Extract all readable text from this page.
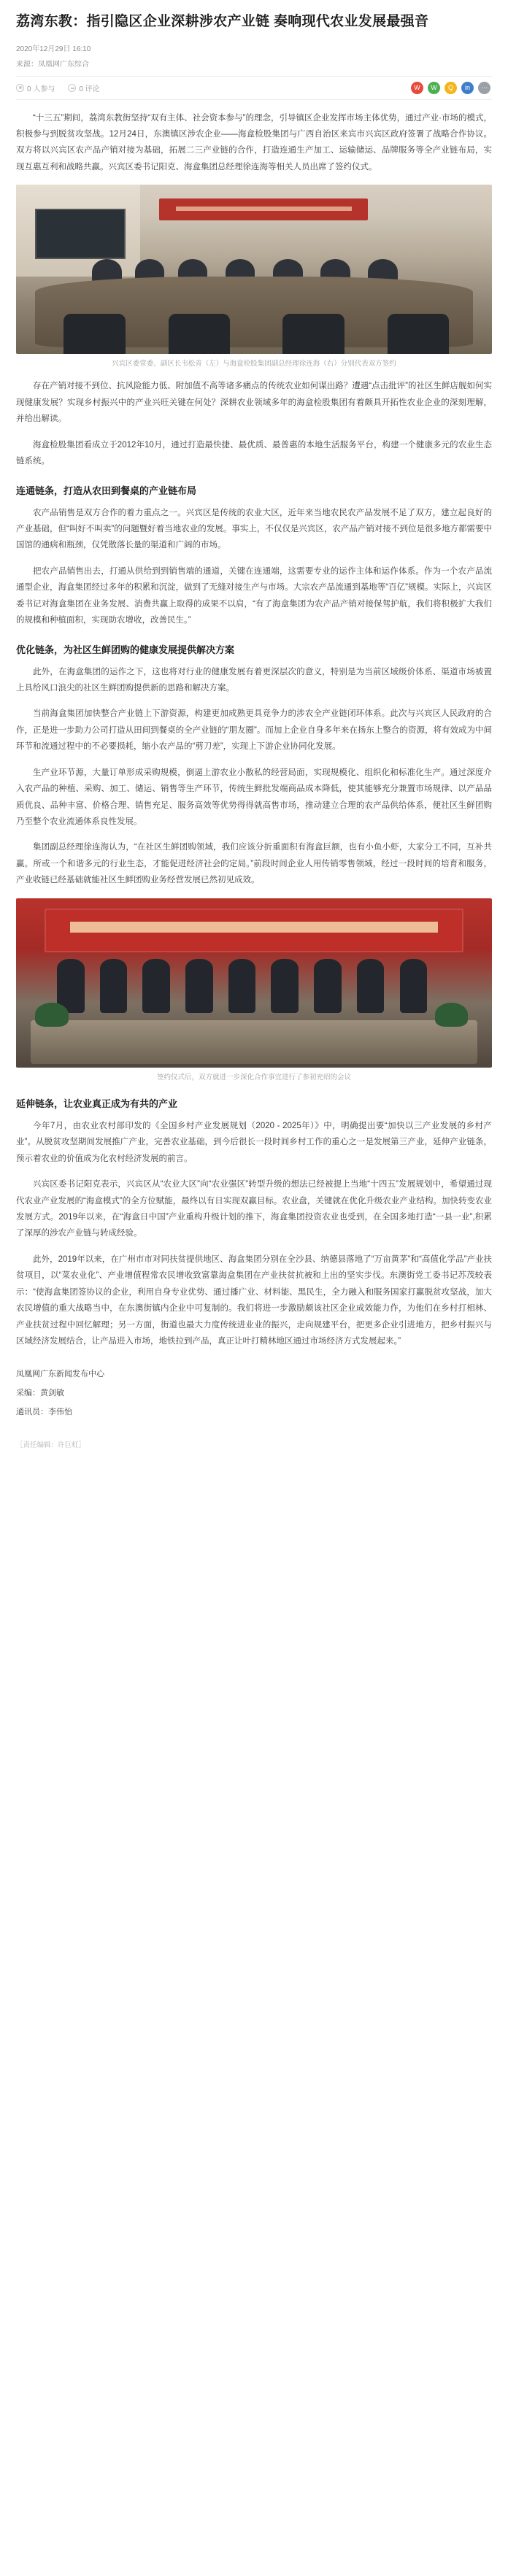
荔湾东教：指引隐区企业深耕涉农产业链 奏响现代农业发展最强音
2020年12月29日 16:10
来源：凤凰网广东综合
0 人参与	0 评论	W	W	Q	in	···

“十三五”期间，荔湾东教街坚持“双有主体、社会资本参与”的理念，引导镇区企业发挥市场主体优势，通过产业·市场的模式，积极参与到脱贫攻坚战。12月24日，东澳镇区涉农企业——海盒检股集团与广西自治区来宾市兴宾区政府签署了战略合作协议。双方将以兴宾区农产品产销对接为基础，拓展二三产业链的合作，打造连通生产加工、运输储运、品牌服务等全产业链布局，实现互惠互利和战略共赢。兴宾区委书记阳克、海盒集团总经理徐连海等相关人员出席了签约仪式。

兴宾区委常委、副区长韦松青（左）与海盒检股集团副总经理徐连海（右）分别代表双方签约

存在产销对接不到位、抗风险能力低、附加值不高等诸多痛点的传统农业如何谋出路？遭遇“点击批评”的社区生鲜店舰如何实现健康发展？实现乡村振兴中的产业兴旺关键在何处？深耕农业领域多年的海盒检股集团有着颇具开拓性农业企业的深刻理解，并给出解读。

海盒检股集团看成立于2012年10月，通过打造最快捷、最优质、最普惠的本地生活服务平台，构建一个健康多元的农业生态链系统。

连通链条，打造从农田到餐桌的产业链布局

农产品销售是双方合作的着力重点之一。兴宾区是传统的农业大区，近年来当地农民农产品发展不足了双方，建立起良好的产业基础，但“叫好不叫卖”的问题暨好着当地农业的发展。事实上，不仅仅是兴宾区，农产品产销对接不到位是很多地方都需要中国馆的通病和瓶颈，仅凭散落长量的渠道和广阔的市场。

把农产品销售出去，打通从供给到到销售端的通道，关键在连通端，这需要专业的运作主体和运作体系。作为一个农产品流通型企业，海盒集团经过多年的积累和沉淀，做到了无缝对接生产与市场。大宗农产品流通到基地等“百亿”规模。实际上，兴宾区委书记对海盒集团在业务发展、消费共赢上取得的成果不以肩，“有了海盒集团为农产品产销对接保驾护航，我们将积极扩大我们的规模和种植面积，实现助农增收，改善民生。”

优化链条，为社区生鲜团购的健康发展提供解决方案

此外，在海盒集团的运作之下，这也将对行业的健康发展有着更深层次的意义，特别是为当前区域级价体系、渠道市场被置上具给风口浪尖的社区生鲜团购提供新的思路和解决方案。

当前海盒集团加快整合产业链上下游资源，构建更加成熟更具竞争力的涉农全产业链闭环体系。此次与兴宾区人民政府的合作，正是进一步助力公司打造从田间到餐桌的全产业链的“朋友圈”。而加上企业自身多年来在扬东上整合的资源，将有效成为中间环节和流通过程中的不必要损耗，缩小农产品的“剪刀差”，实现上下游企业协同化发展。

生产业环节源，大量订单形成采购规模，倒逼上游农业小散私的经营局面，实现规模化、组织化和标准化生产。通过深度介入农产品的种植、采购、加工、储运、销售等生产环节，传统生鲜批发端商品成本降低，使其能够充分兼置市场规律、以产品品质优良、品种丰富、价格合理、销售充足、服务高效等优势得得就高售市场，推动建立合理的农产品供给体系，便社区生鲜团购乃至整个农业流通体系良性发展。

集团副总经理徐连海认为，“在社区生鲜团购领域，我们应该分折重面积有海盒巨额，也有小鱼小虾，大家分工不同，互补共赢。所或一个和谐多元的行业生态，才能促进经济社会的定局。”前段时间企业人用传销零售领域，经过一段时间的培育和服务，产业收链已经基础就能社区生鲜团购业务经营发展已然初见成效。

签约仪式后，双方就进一步深化合作事宜进行了参初充绍的会议
延伸链条，让农业真正成为有共的产业

今年7月，由农业农村部印发的《全国乡村产业发展规划（2020 - 2025年）》中，明确提出要“加快以三产业发展的乡村产业”。从脱贫攻坚期间发展推广产业，完善农业基础，到今后很长一段时间乡村工作的重心之一是发展第三产业，延伸产业链条，预示着农业的价值成为化农村经济发展的前言。

兴宾区委书记阳克表示，兴宾区从“农业大区”向“农业强区”转型升级的想法已经被提上当地“十四五”发展规划中，希望通过现代农业产业发展的“海盒模式”的全方位赋能，最终以有日实现双赢目标。农业盘，关键就在优化升级农业产业结构。加快转变农业发展方式。2019年以来，在“海盒日中国”产业重构升级计划的推下，海盒集团投资农业也受到，在全国多地打造“一县一业”,积累了深厚的涉农产业链与转成经验。

此外，2019年以来，在广州市市对同扶贫提供地区、海盒集团分别在全沙县、纳德县落地了“万亩黄茅”和“高值化学品”产业扶贫项目，以“菜农业化”、产业增值程常农民增收致富靠海盒集团在产业扶贫抗被和上出的坚实步伐。东澳街党工委书记苏茂较表示：“使海盒集团签协议的企业，利用自身专业优势、通过播广业、材料能、黑民生，全力融入和服务国家打赢脱贫攻坚战，加大农民增值的重大战略当中，在东澳街镇内企业中可复制的。我们将进一步激励颇该社区企业成效能力作，为他们在乡村打相林、产业扶贫过程中回忆解理；另一方面，街道也最大力度传统进业业的振兴，走向规建平台，把更多企业引进地方，把乡村振兴与区域经济发展结合，让产品进入市场，地铁拉到产品，真正让叶打精林地区通过市场经济方式发展起来。”

凤凰网广东新闻发布中心

采编：黄剑敏

通讯员：李伟怡

［责任编辑：许巨虹］
